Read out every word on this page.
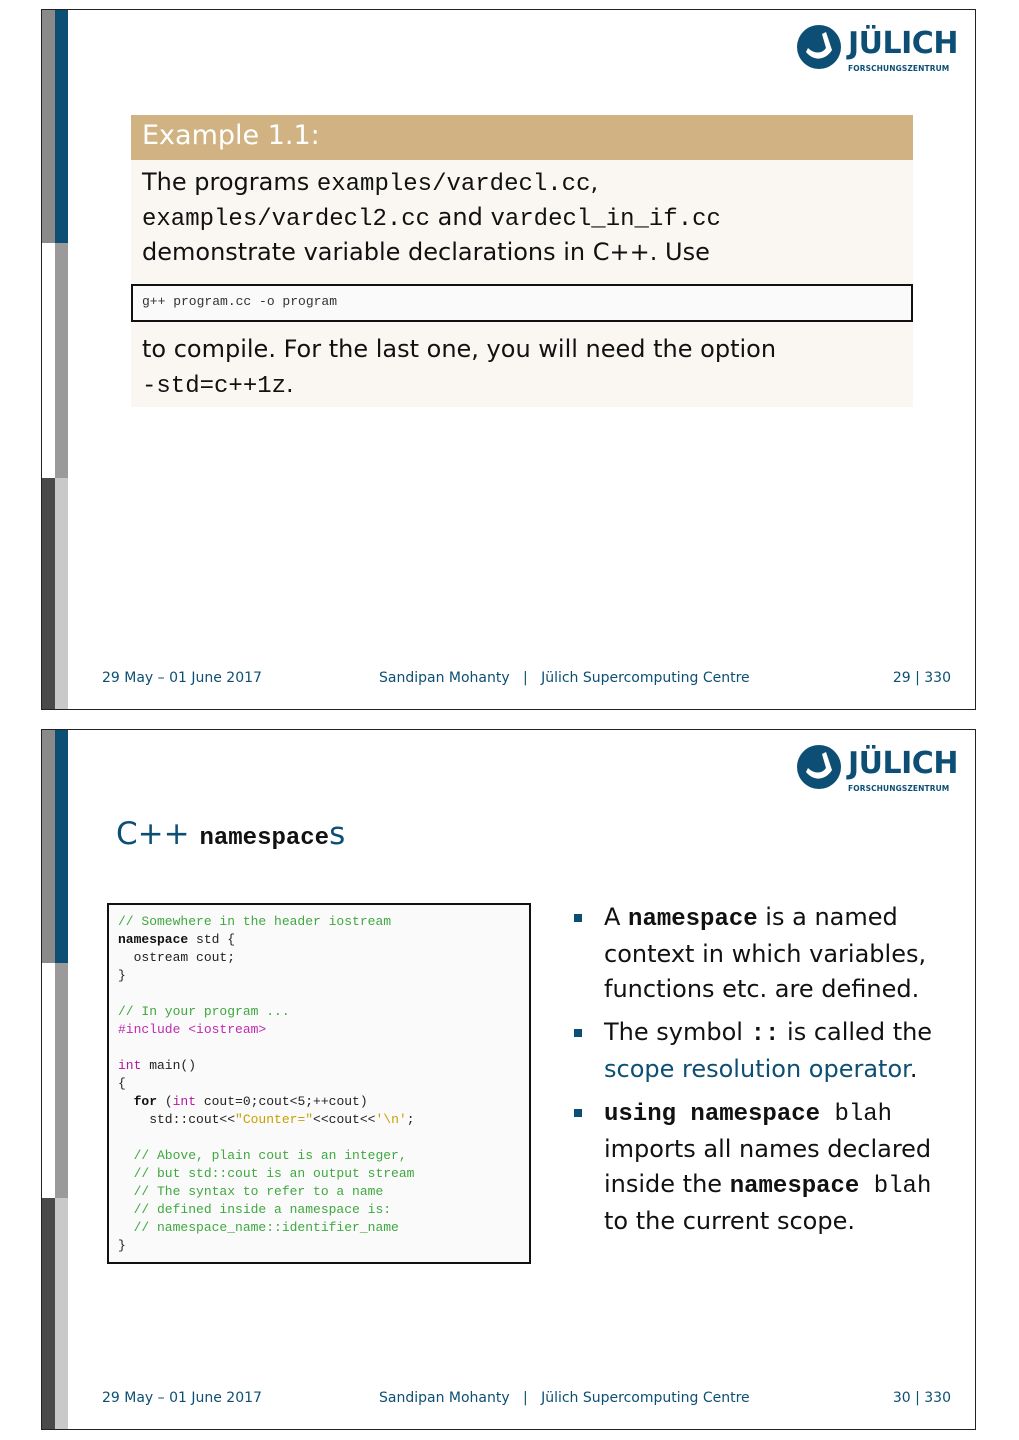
JÜLICH
FORSCHUNGSZENTRUM
Example 1.1:
The programs examples/vardecl.cc,
examples/vardecl2.cc and vardecl_in_if.cc
demonstrate variable declarations in C++. Use
g++ program.cc -o program
to compile. For the last one, you will need the option
-std=c++1z.
29 May – 01 June 2017	Sandipan Mohanty   |   Jülich Supercomputing Centre	29 | 330
JÜLICH
FORSCHUNGSZENTRUM
C++ namespaces
// Somewhere in the header iostream
namespace std {
ostream cout;
}

// In your program ...
#include <iostream>

int main()
{
for (int cout=0;cout<5;++cout)
std::cout<<"Counter="<<cout<<'\n';

// Above, plain cout is an integer,
// but std::cout is an output stream
// The syntax to refer to a name
// defined inside a namespace is:
// namespace_name::identifier_name
}
A namespace is a named context in which variables, functions etc. are defined.
The symbol :: is called the scope resolution operator.
using namespace blah imports all names declared inside the namespace blah to the current scope.
29 May – 01 June 2017	Sandipan Mohanty   |   Jülich Supercomputing Centre	30 | 330
